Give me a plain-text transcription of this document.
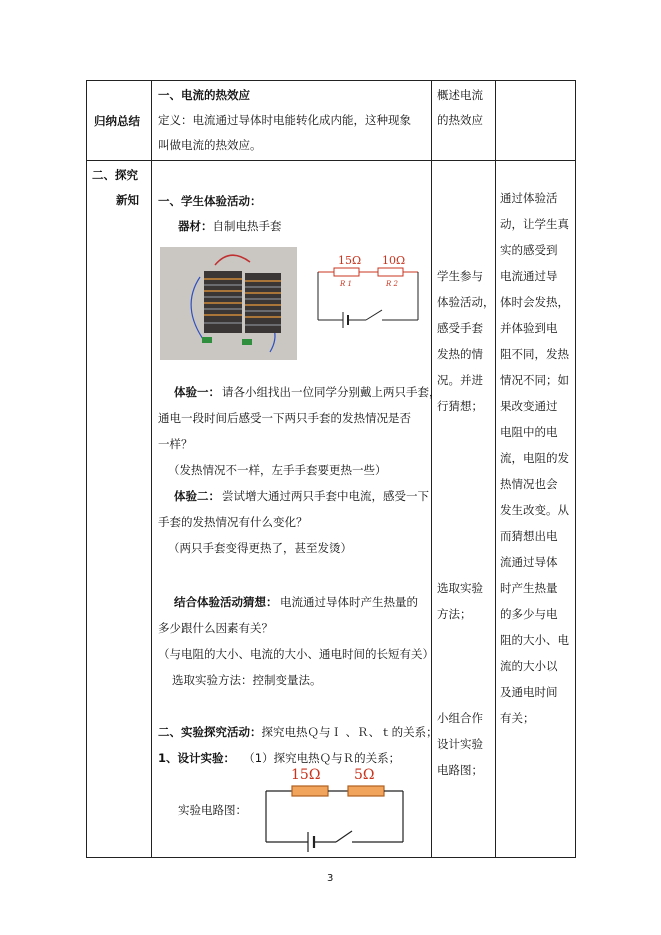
归纳总结
一、电流的热效应
定义：电流通过导体时电能转化成内能，这种现象
叫做电流的热效应。
概述电流
的热效应
二、探究
新知 一、学生体验活动：
器材：自制电热手套
15Ω 10Ω
R 1	R 2
体验一： 请各小组找出一位同学分别戴上两只手套，
通电一段时间后感受一下两只手套的发热情况是否
一样？
（发热情况不一样，左手手套要更热一些）
体验二： 尝试增大通过两只手套中电流，感受一下
手套的发热情况有什么变化？
（两只手套变得更热了，甚至发烫）
结合体验活动猜想： 电流通过导体时产生热量的
多少跟什么因素有关？
（与电阻的大小、电流的大小、通电时间的长短有关）
选取实验方法：控制变量法。
二、实验探究活动：探究电热Ｑ与Ｉ 、Ｒ、ｔ的关系；
1、设计实验： （1）探究电热Ｑ与Ｒ的关系；
实验电路图：
15Ω 5Ω
学生参与
体验活动，
感受手套
发热的情
况。并进
行猜想；
选取实验
方法；
小组合作
设计实验
电路图；
通过体验活
动，让学生真
实的感受到
电流通过导
体时会发热，
并体验到电
阻不同，发热
情况不同；如
果改变通过
电阻中的电
流，电阻的发
热情况也会
发生改变。从
而猜想出电
流通过导体
时产生热量
的多少与电
阻的大小、电
流的大小以
及通电时间
有关；
3
